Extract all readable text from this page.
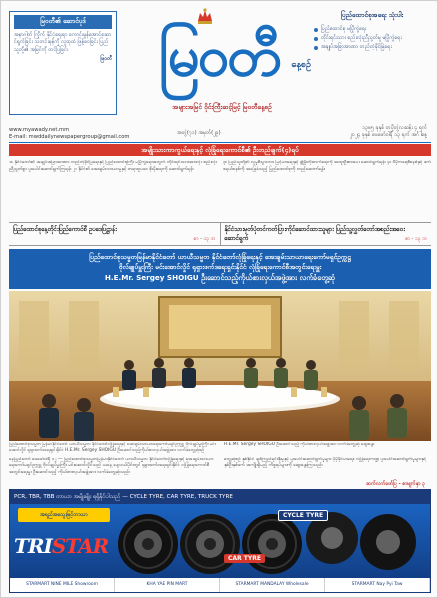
မြဝတီ၏ ဆောင်ပုဒ်
အနာဂါတ် ကြိုက် နိုင်ငံ့ရေးရာ ကောင်းမွန်အောင်ဆောင်ရွက်ခြင်း သတင်းမှန်ကို လူထုထံ ဖြန့်ဝေခြင်း ပြည်သူတို့၏ အမြင်ကို တင်ပြခြင်း
မြဝတီ မြဝတီ	နေ့စဉ်
အများအမြင် ဝိုင်းကြီးဆင့်မြင့် မြဝတီနေ့စဉ်
ပြည်ထောင်စုအရေး သုံးပါး
ပြည်ထောင်စု မပြိုကွဲရေး
တိုင်းရင်းသား စည်းလုံးညီညွတ်မှု မပြိုကွဲရေး
အချုပ်အခြာအာဏာ တည်တံ့ခိုင်မြဲရေး
www.myawady.net.mm
E-mail: mwddailynewspapergroup@gmail.com
အတွဲ(၇၁) အမှတ်(၂၉)
၁၃၈၅ ခုနှစ် တပို့တွဲလဆန်း ၄ ရက်
၂၀၂၄ ခုနှစ် ဖေဖော်ဝါရီ ၁၃ ရက် အင်္ဂါနေ့
အမျိုးသားကာကွယ်ရေးနှင့် လုံခြုံရေးကောင်စီ၏ ဦးတည်ချက်(၄)ရပ်
၁။ နိုင်ငံတော်၏ အချုပ်အခြာအာဏာ တည်တံ့ခိုင်မြဲရေးနှင့် ပြည်ထောင်စုကြီး မပြိုကွဲရေးအတွက် တိုင်းရင်းသားအားလုံး စည်းလုံးညီညွတ်စွာ ပူးပေါင်းဆောင်ရွက်ကြရန်။ ၂။ နိုင်ငံ၏ အေးချမ်းသာယာမှုနှင့် တရားဥပဒေ စိုးမိုးရေးကို ဆောင်ရွက်ရန်။
၃။ ပြည်သူတို့၏ လူမှုစီးပွားဘဝ မြင့်မားရေးနှင့် ဖွံ့ဖြိုးတိုးတက်ရေးကို အထူးဦးစားပေး ဆောင်ရွက်ရန်။ ၄။ ဒီမိုကရေစီစနစ်နှင့် ဖက်ဒရယ်စနစ်ကို အခြေခံသည့် ပြည်ထောင်စုကို တည်ဆောက်ရန်။
ပြည်ထောင်စုနေ့တိုင်းပြည်ကောင်စီ ဥပဒေပြဋ္ဌာန်း
စာ - ၁၃ ဘ
နိုင်ငံသားမှတ်ပုံတင်ကတ်ပြားကိုင်ဆောင်ထားသူများ ပြည်သူ့လွှတ်တော်အစည်းအဝေး ဆောင်ရွက်	စာ - ၁၃ ဘ
ပြည်ထောင်စုသမ္မတမြန်မာနိုင်ငံတော် ယာယီသမ္မတ နိုင်ငံတော်လုံခြုံရေးနှင့် အေးချမ်းသာယာရေးကော်မရှင်ဥက္ကဋ္ဌ
ဗိုလ်ချုပ်မှူးကြီး မင်းအောင်လှိုင် ရုရှားဖက်ဒရေးရှင်းနိုင်ငံ လုံခြုံရေးကောင်စီအတွင်းရေးမှူး
H.E.Mr. Sergey SHOIGU ဦးဆောင်သည့်ကိုယ်စားလှယ်အဖွဲ့အား လက်ခံတွေ့ဆုံ
ပြည်ထောင်စုသမ္မတ မြန်မာနိုင်ငံတော် ယာယီသမ္မတ နိုင်ငံတော်လုံခြုံရေးနှင့် အေးချမ်းသာယာရေးကော်မရှင်ဥက္ကဋ္ဌ ဗိုလ်ချုပ်မှူးကြီး မင်းအောင်လှိုင် ရုရှားဖက်ဒရေးရှင်းနိုင်ငံ H.E.Mr. Sergey SHOIGU ဦးဆောင်သည့်ကိုယ်စားလှယ်အဖွဲ့အား လက်ခံတွေ့ဆုံစဉ်
H.E.Mr. Sergey SHOIGU ဦးဆောင်သည့် ကိုယ်စားလှယ်အဖွဲ့အား လက်ခံတွေ့ဆုံ ဆွေးနွေး
နေပြည်တော် ဖေဖော်ဝါရီ ၁၂ — ပြည်ထောင်စုသမ္မတမြန်မာနိုင်ငံတော် ယာယီသမ္မတ နိုင်ငံတော်လုံခြုံရေးနှင့် အေးချမ်းသာယာရေးကော်မရှင်ဥက္ကဋ္ဌ ဗိုလ်ချုပ်မှူးကြီး မင်းအောင်လှိုင်သည် ယနေ့ နေ့လယ်ပိုင်းတွင် ရုရှားဖက်ဒရေးရှင်းနိုင်ငံ လုံခြုံရေးကောင်စီ အတွင်းရေးမှူး ဦးဆောင်သည့် ကိုယ်စားလှယ်အဖွဲ့အား လက်ခံတွေ့ဆုံသည်။
တွေ့ဆုံစဉ် နှစ်နိုင်ငံ ချစ်ကြည်ရင်းနှီးမှုနှင့် ပူးပေါင်းဆောင်ရွက်မှုများ ပိုမိုခိုင်မာရေး၊ လုံခြုံရေးကဏ္ဍ ပူးပေါင်းဆောင်ရွက်မှုများနှင့် နှစ်ဦးနှစ်ဖက် အကျိုးရှိမည့် ကိစ္စရပ်များကို ဆွေးနွေးကြသည်။
ဆက်လက်ဖော်ပြ - စာမျက်နှာ ၃
PCR, TBR, TBB တာယာ အမျိုးမျိုး ရရှိနိုင်ပါသည် — CYCLE TYRE, CAR TYRE, TRUCK TYRE
အရည်အသွေးမြင့်တာယာ
TRISTAR
CYCLE TYRE
CAR TYRE
STARMART NINE MILE Showroom	KHA YAE PIN MART	STARMART MANDALAY Wholesale	STARMART Nay Pyi Taw
